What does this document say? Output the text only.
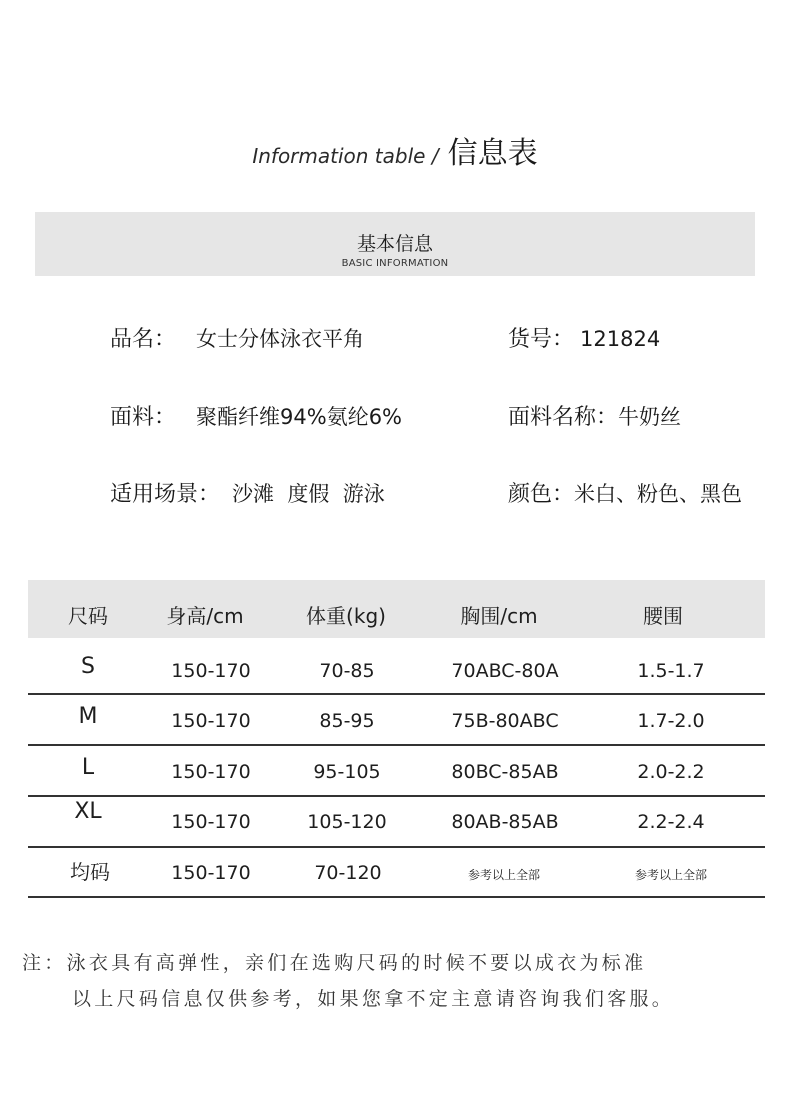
Information table / 信息表
基本信息
BASIC INFORMATION
品名： 女士分体泳衣平角	货号： 121824
面料： 聚酯纤维94%氨纶6%	面料名称：牛奶丝
适用场景： 沙滩  度假  游泳	颜色：米白、粉色、黑色
尺码	身高/cm	体重(kg)	胸围/cm	腰围
S	150-170	70-85	70ABC-80A	1.5-1.7
M	150-170	85-95	75B-80ABC	1.7-2.0
L	150-170	95-105	80BC-85AB	2.0-2.2
XL	150-170	105-120	80AB-85AB	2.2-2.4
均码	150-170	70-120	参考以上全部	参考以上全部
注：泳衣具有高弹性，亲们在选购尺码的时候不要以成衣为标准
以上尺码信息仅供参考，如果您拿不定主意请咨询我们客服。
